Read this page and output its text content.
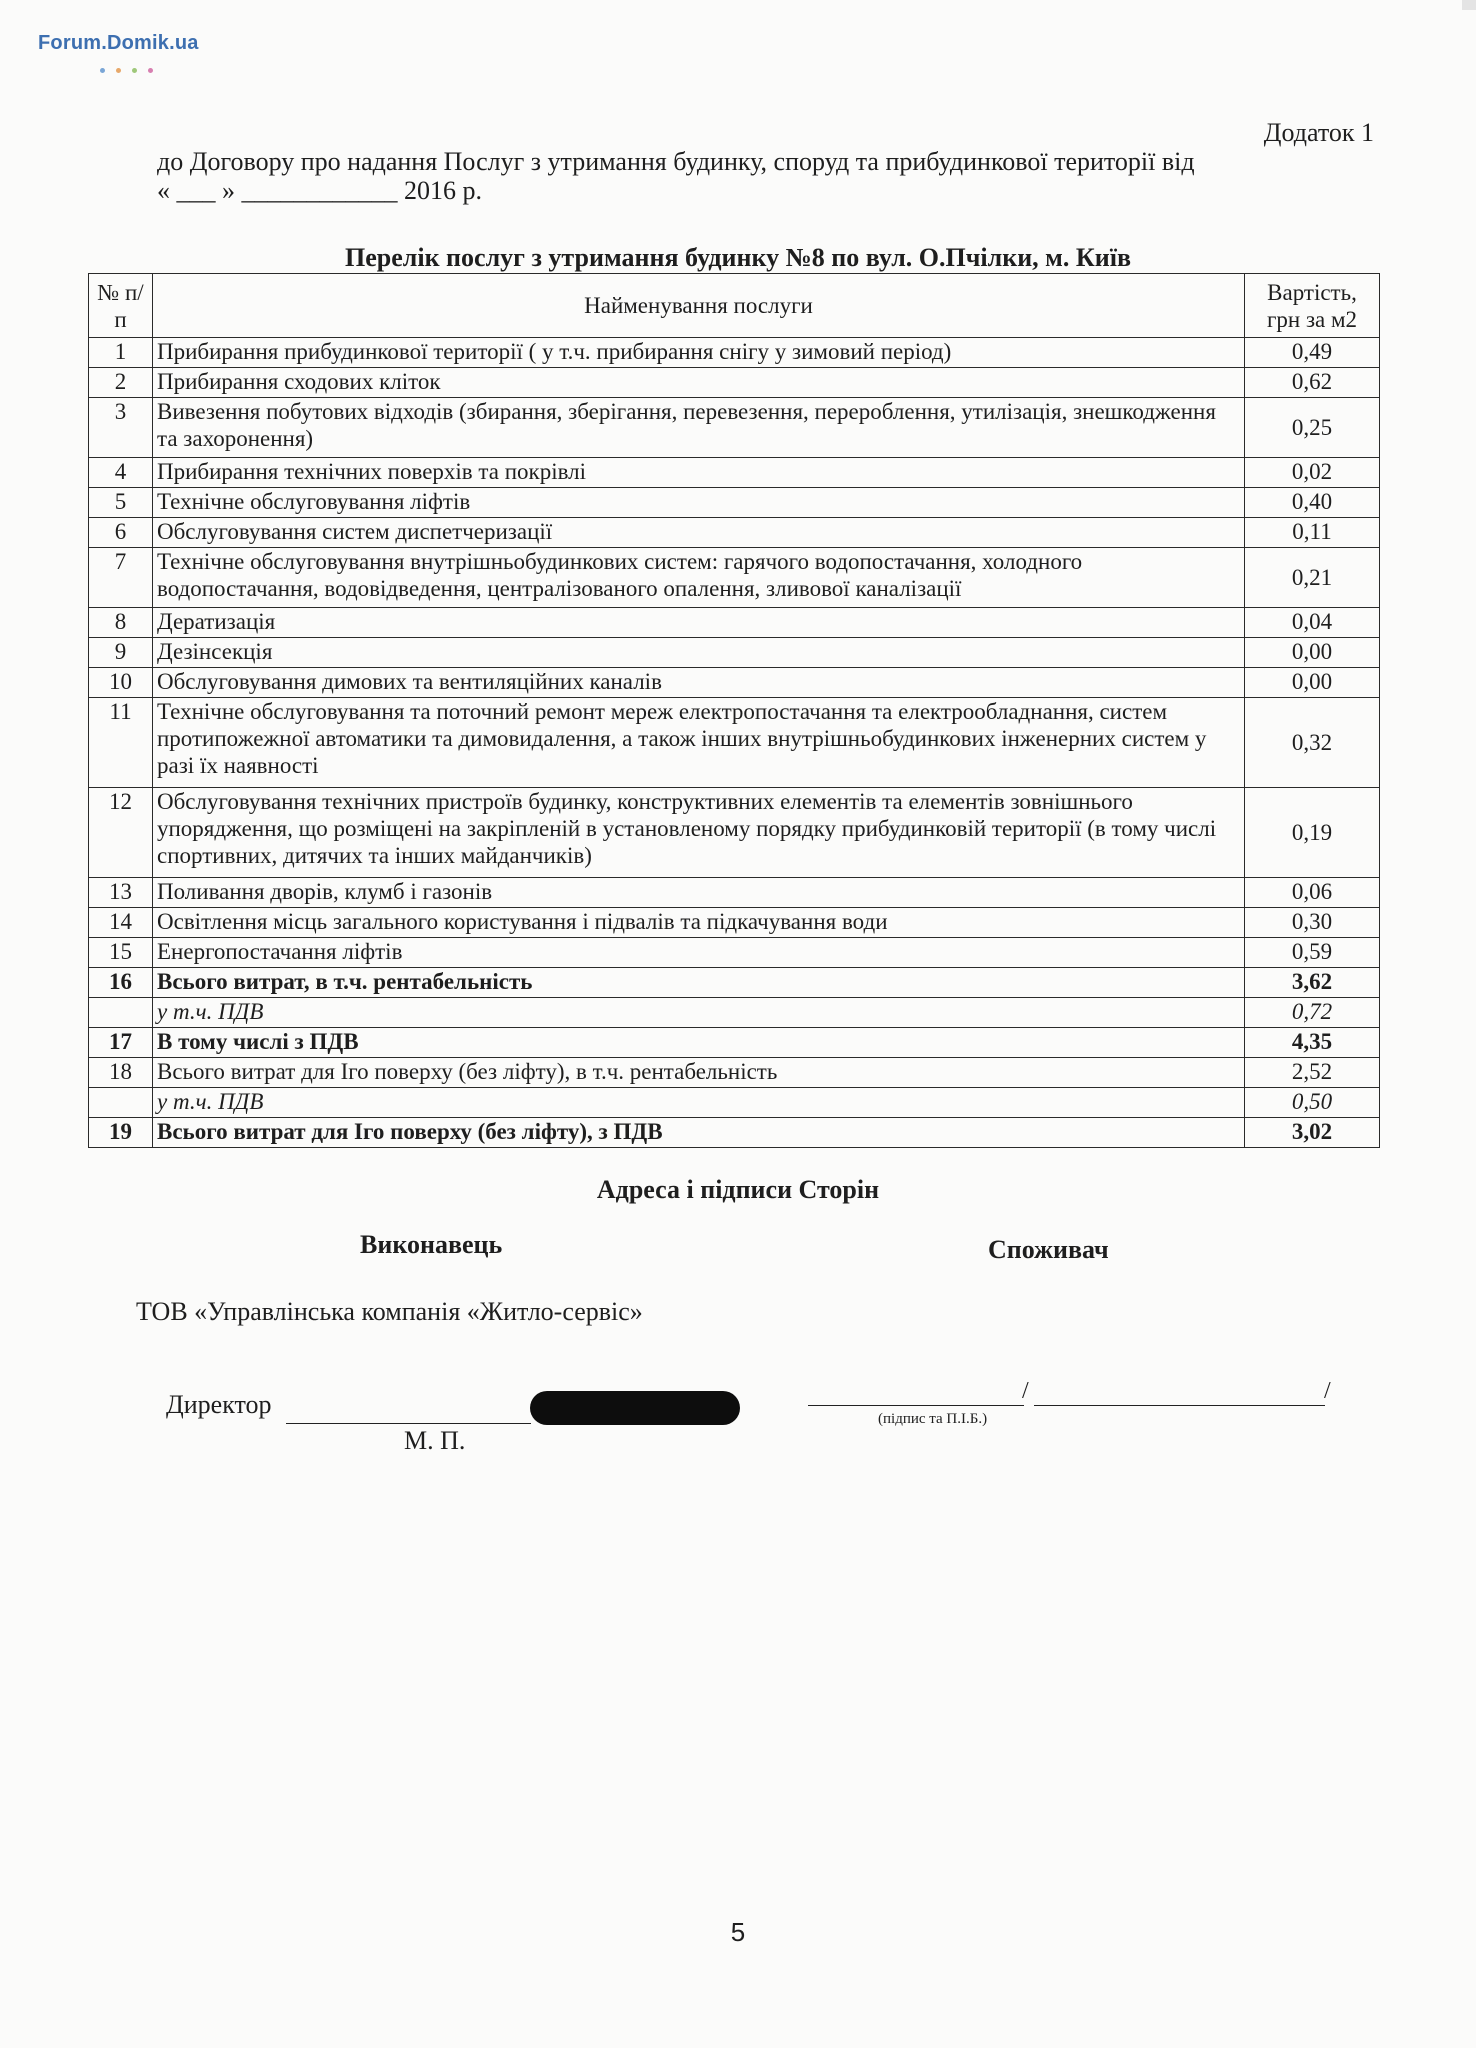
Forum.Domik.ua
Додаток 1
до Договору про надання Послуг з утримання будинку, споруд та прибудинкової території від
« ___ » ____________ 2016 р.
Перелік послуг з утримання будинку №8 по вул. О.Пчілки, м. Київ
№ п/п	Найменування послуги	Вартість, грн за м2
1	Прибирання прибудинкової території ( у т.ч. прибирання снігу у зимовий період)	0,49
2	Прибирання сходових кліток	0,62
3	Вивезення побутових відходів (збирання, зберігання, перевезення, перероблення, утилізація, знешкодження та захоронення)	0,25
4	Прибирання технічних поверхів та покрівлі	0,02
5	Технічне обслуговування ліфтів	0,40
6	Обслуговування систем диспетчеризації	0,11
7	Технічне обслуговування внутрішньобудинкових систем: гарячого водопостачання, холодного водопостачання, водовідведення, централізованого опалення, зливової каналізації	0,21
8	Дератизація	0,04
9	Дезінсекція	0,00
10	Обслуговування димових та вентиляційних каналів	0,00
11	Технічне обслуговування та поточний ремонт мереж електропостачання та електрообладнання, систем протипожежної автоматики та димовидалення, а також інших внутрішньобудинкових інженерних систем у разі їх наявності	0,32
12	Обслуговування технічних пристроїв будинку, конструктивних елементів та елементів зовнішнього упорядження, що розміщені на закріпленій в установленому порядку прибудинковій території (в тому числі спортивних, дитячих та інших майданчиків)	0,19
13	Поливання дворів, клумб і газонів	0,06
14	Освітлення місць загального користування і підвалів та підкачування води	0,30
15	Енергопостачання ліфтів	0,59
16	Всього витрат, в т.ч. рентабельність	3,62
	у т.ч. ПДВ	0,72
17	В тому числі з ПДВ	4,35
18	Всього витрат для Іго поверху (без ліфту), в т.ч. рентабельність	2,52
	у т.ч. ПДВ	0,50
19	Всього витрат для Іго поверху (без ліфту), з ПДВ	3,02
Адреса і підписи Сторін
Виконавець	Споживач
ТОВ «Управлінська компанія «Житло-сервіс»
Директор
М. П.
/	/
(підпис та П.І.Б.)
5
